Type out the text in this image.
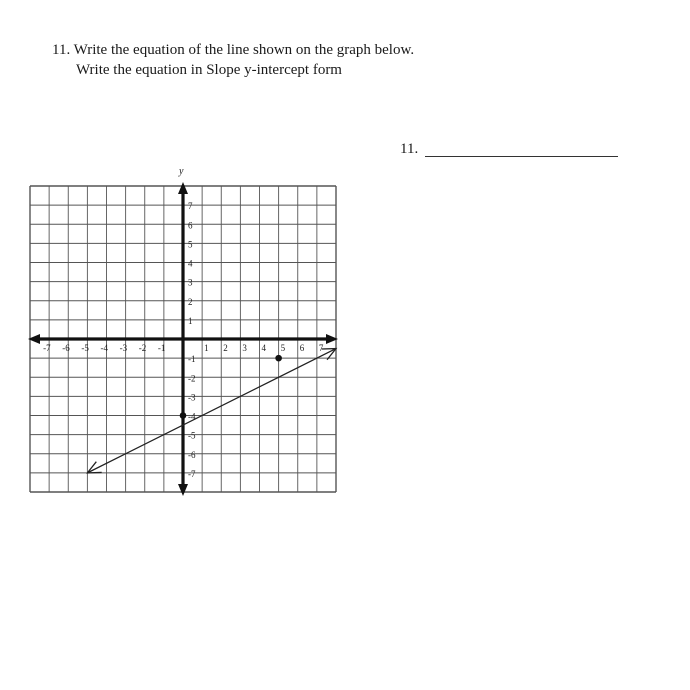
11. Write the equation of the line shown on the graph below.
Write the equation in Slope y-intercept form
11.
-7 -6 -5 -4 -3 -2 -1	1 2 3 4 5 6 7
7
6
5
4
3
2
1
-1
-2
-3
-4
-5
-6
-7
y
